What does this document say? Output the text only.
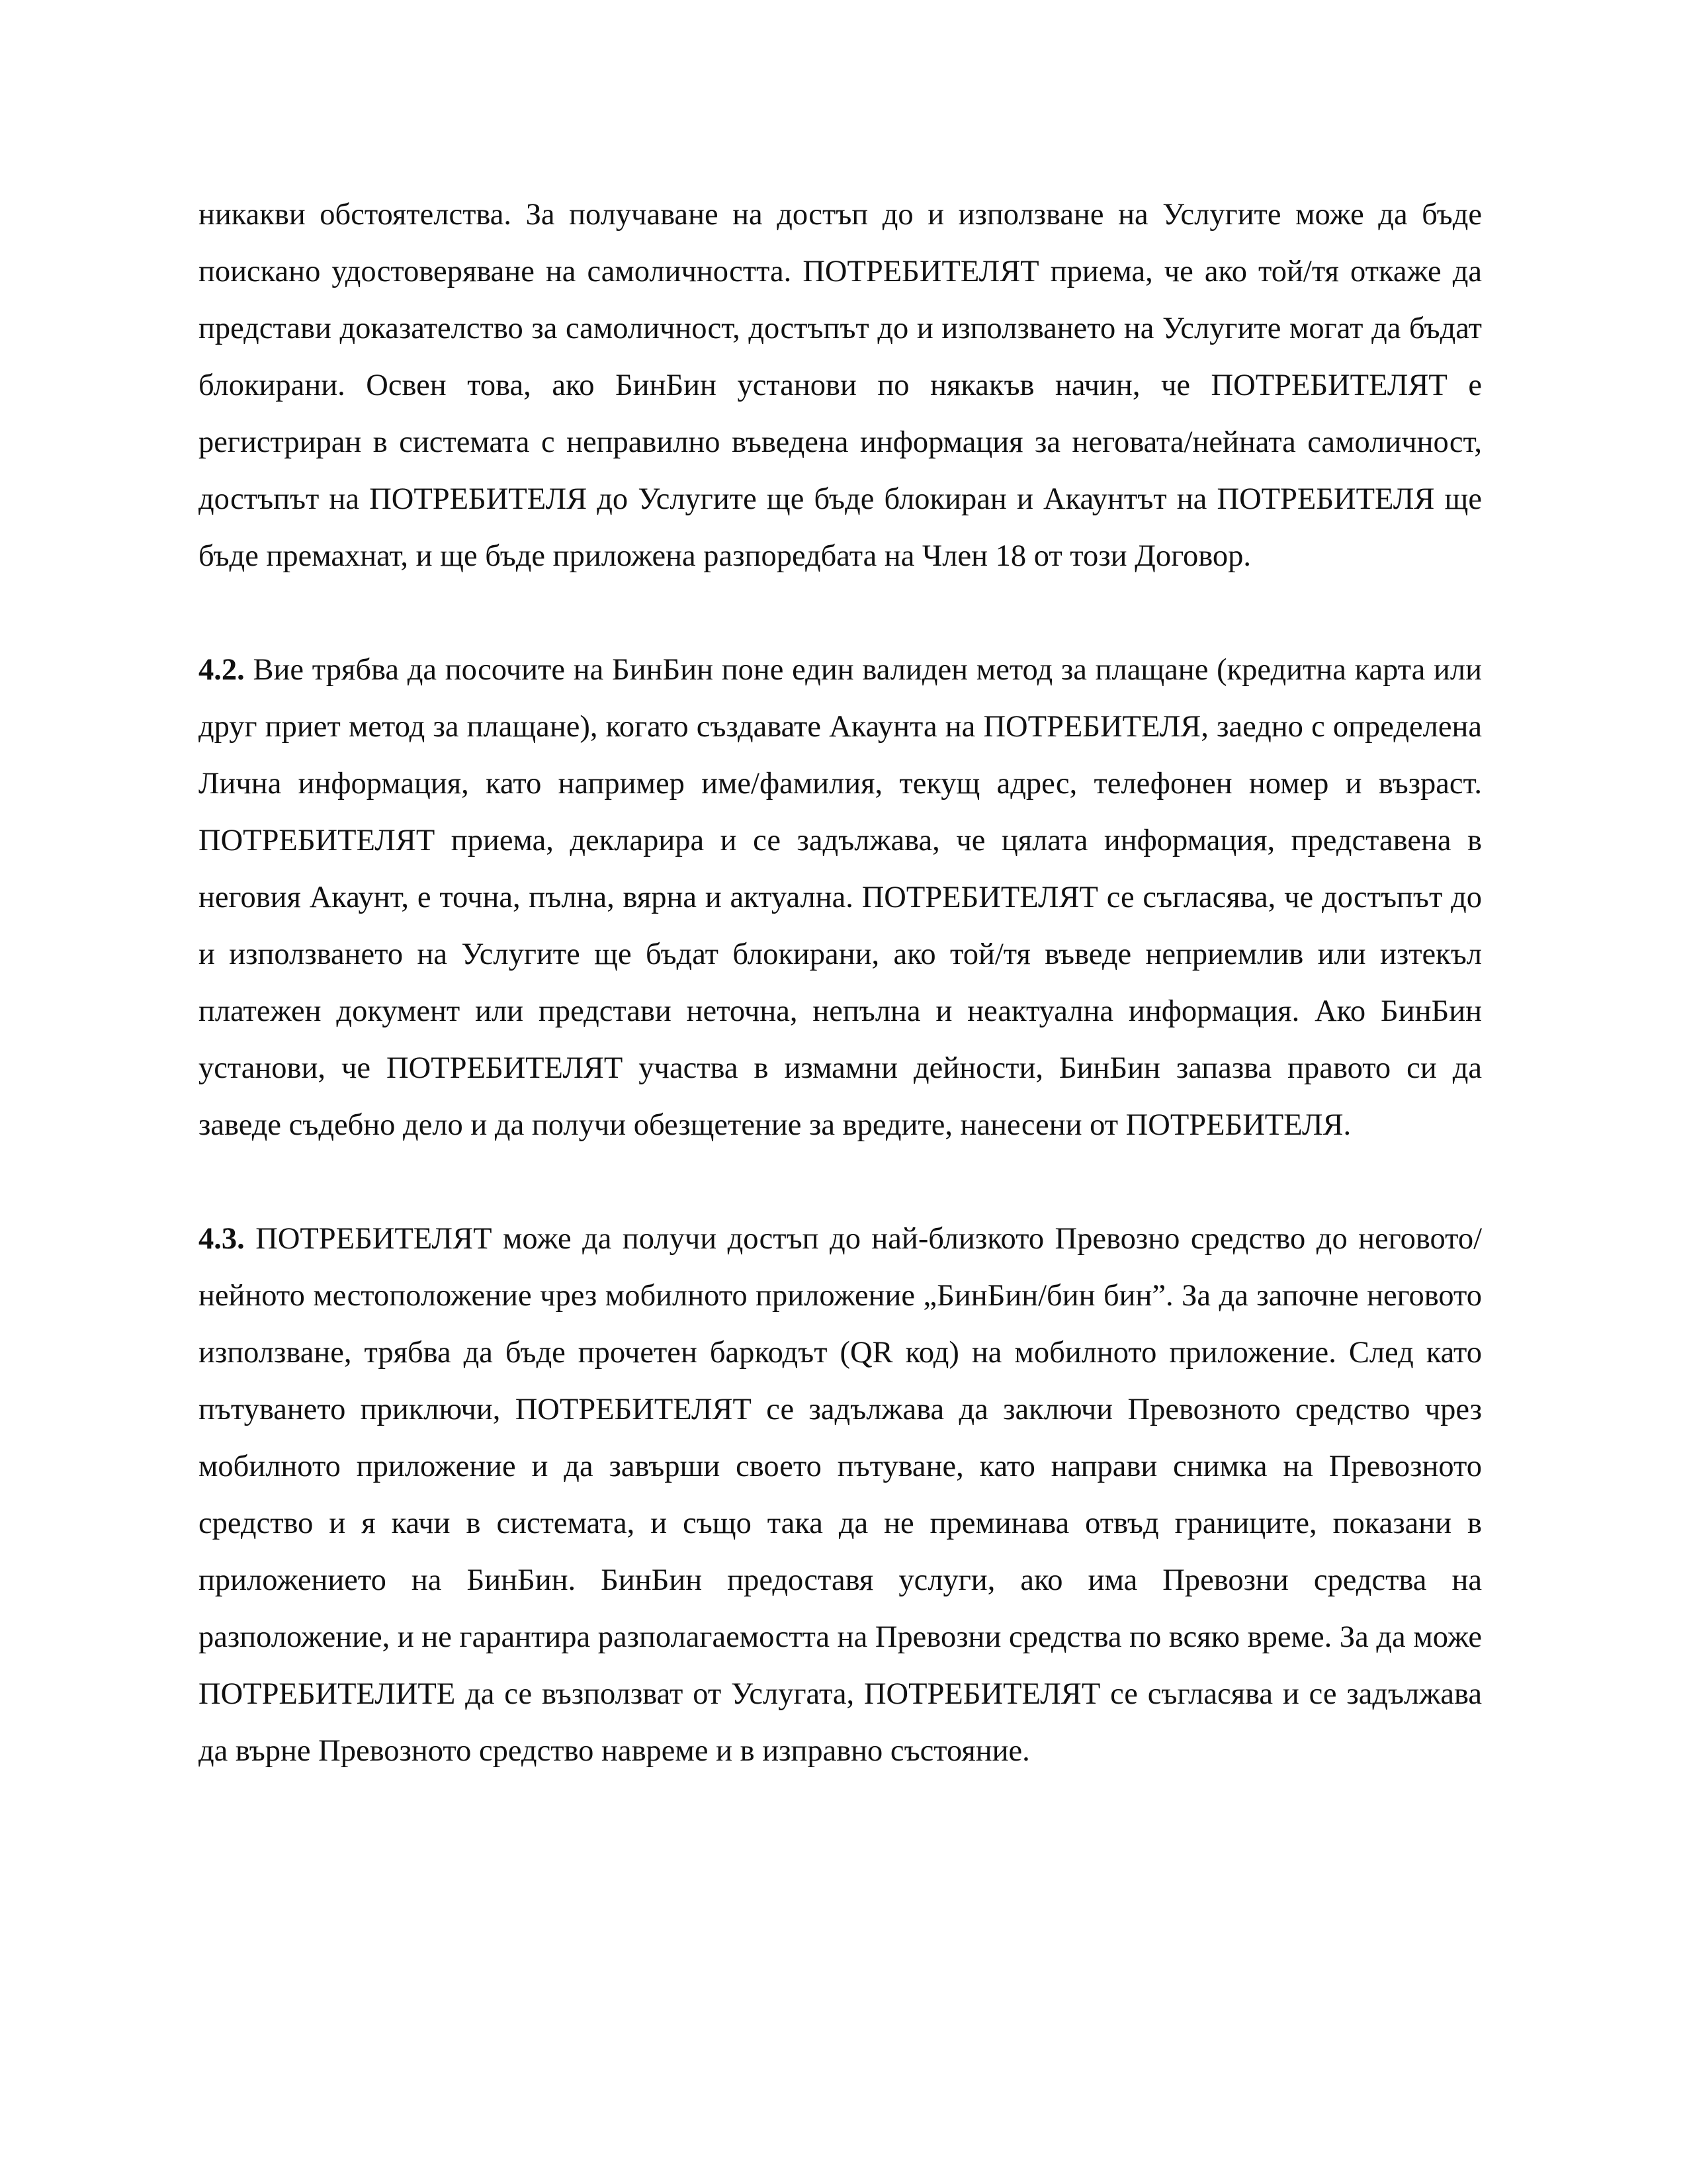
никакви обстоятелства. За получаване на достъп до и използване на Услугите може да бъде поискано удостоверяване на самоличността. ПОТРЕБИТЕЛЯТ приема, че ако той/тя откаже да представи доказателство за самоличност, достъпът до и използването на Услугите могат да бъдат блокирани. Освен това, ако БинБин установи по някакъв начин, че ПОТРЕБИТЕЛЯТ е регистриран в системата с неправилно въведена информация за неговата/нейната самоличност, достъпът на ПОТРЕБИТЕЛЯ до Услугите ще бъде блокиран и Акаунтът на ПОТРЕБИТЕЛЯ ще бъде премахнат, и ще бъде приложена разпоредбата на Член 18 от този Договор.

4.2. Вие трябва да посочите на БинБин поне един валиден метод за плащане (кредитна карта или друг приет метод за плащане), когато създавате Акаунта на ПОТРЕБИТЕЛЯ, заедно с определена Лична информация, като например име/фамилия, текущ адрес, телефонен номер и възраст. ПОТРЕБИТЕЛЯТ приема, декларира и се задължава, че цялата информация, представена в неговия Акаунт, е точна, пълна, вярна и актуална. ПОТРЕБИТЕЛЯТ се съгласява, че достъпът до и използването на Услугите ще бъдат блокирани, ако той/тя въведе неприемлив или изтекъл платежен документ или представи неточна, непълна и неактуална информация. Ако БинБин установи, че ПОТРЕБИТЕЛЯТ участва в измамни дейности, БинБин запазва правото си да заведе съдебно дело и да получи обезщетение за вредите, нанесени от ПОТРЕБИТЕЛЯ.

4.3. ПОТРЕБИТЕЛЯТ може да получи достъп до най-близкото Превозно средство до неговото/нейното местоположение чрез мобилното приложение „БинБин/бин бин”. За да започне неговото използване, трябва да бъде прочетен баркодът (QR код) на мобилното приложение. След като пътуването приключи, ПОТРЕБИТЕЛЯТ се задължава да заключи Превозното средство чрез мобилното приложение и да завърши своето пътуване, като направи снимка на Превозното средство и я качи в системата, и също така да не преминава отвъд границите, показани в приложението на БинБин. БинБин предоставя услуги, ако има Превозни средства на разположение, и не гарантира разполагаемостта на Превозни средства по всяко време. За да може ПОТРЕБИТЕЛИТЕ да се възползват от Услугата, ПОТРЕБИТЕЛЯТ се съгласява и се задължава да върне Превозното средство навреме и в изправно състояние.
